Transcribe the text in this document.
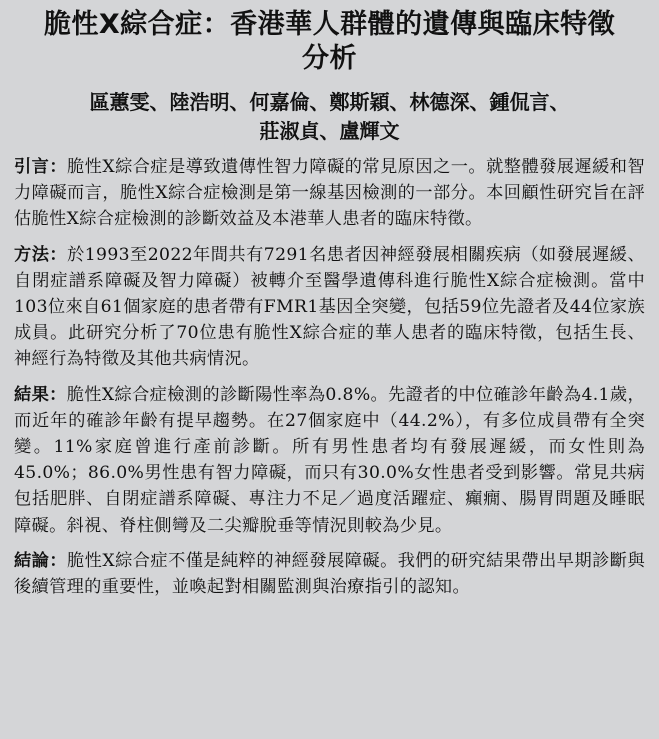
脆性X綜合症：香港華人群體的遺傳與臨床特徵
分析
區蕙雯、陸浩明、何嘉倫、鄭斯穎、林德深、鍾侃言、
莊淑貞、盧輝文

引言：脆性X綜合症是導致遺傳性智力障礙的常見原因之一。就整體發展遲緩和智力障礙而言，脆性X綜合症檢測是第一線基因檢測的一部分。本回顧性研究旨在評估脆性X綜合症檢測的診斷效益及本港華人患者的臨床特徵。

方法：於1993至2022年間共有7291名患者因神經發展相關疾病（如發展遲緩、自閉症譜系障礙及智力障礙）被轉介至醫學遺傳科進行脆性X綜合症檢測。當中103位來自61個家庭的患者帶有FMR1基因全突變，包括59位先證者及44位家族成員。此研究分析了70位患有脆性X綜合症的華人患者的臨床特徵，包括生長、神經行為特徵及其他共病情況。

結果：脆性X綜合症檢測的診斷陽性率為0.8%。先證者的中位確診年齡為4.1歲，而近年的確診年齡有提早趨勢。在27個家庭中（44.2%），有多位成員帶有全突變。11%家庭曾進行產前診斷。所有男性患者均有發展遲緩，而女性則為45.0%；86.0%男性患有智力障礙，而只有30.0%女性患者受到影響。常見共病包括肥胖、自閉症譜系障礙、專注力不足／過度活躍症、癲癇、腸胃問題及睡眠障礙。斜視、脊柱側彎及二尖瓣脫垂等情況則較為少見。

結論：脆性X綜合症不僅是純粹的神經發展障礙。我們的研究結果帶出早期診斷與後續管理的重要性，並喚起對相關監測與治療指引的認知。
